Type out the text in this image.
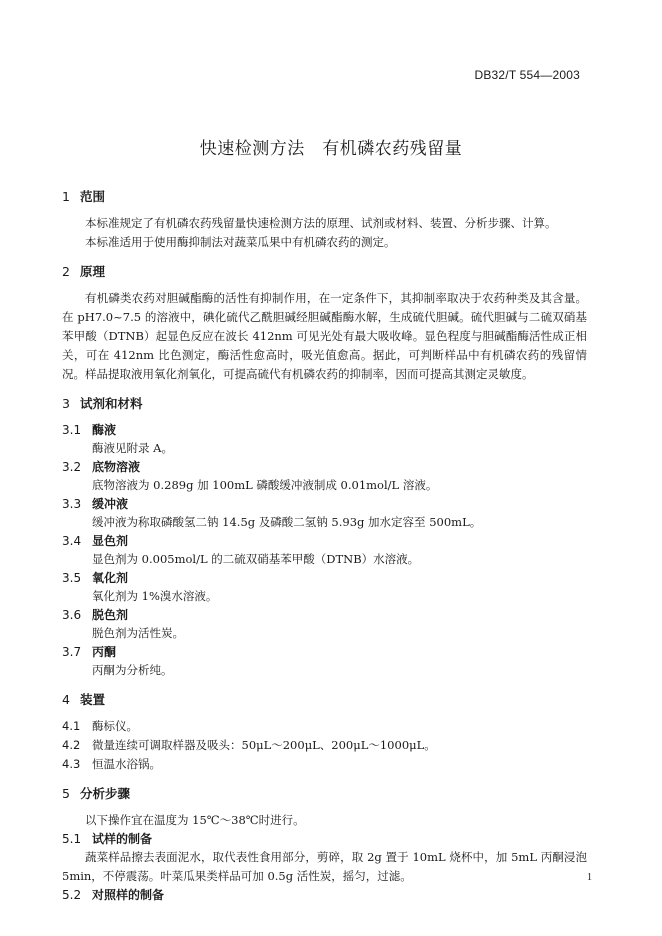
DB32/T 554—2003
快速检测方法　有机磷农药残留量
1 范围

本标准规定了有机磷农药残留量快速检测方法的原理、试剂或材料、装置、分析步骤、计算。

本标准适用于使用酶抑制法对蔬菜瓜果中有机磷农药的测定。

2 原理

有机磷类农药对胆碱酯酶的活性有抑制作用，在一定条件下，其抑制率取决于农药种类及其含量。在 pH7.0~7.5 的溶液中，碘化硫代乙酰胆碱经胆碱酯酶水解，生成硫代胆碱。硫代胆碱与二硫双硝基苯甲酸（DTNB）起显色反应在波长 412nm 可见光处有最大吸收峰。显色程度与胆碱酯酶活性成正相关，可在 412nm 比色测定，酶活性愈高时，吸光值愈高。据此，可判断样品中有机磷农药的残留情况。样品提取液用氧化剂氧化，可提高硫代有机磷农药的抑制率，因而可提高其测定灵敏度。

3 试剂和材料
3.1 酶液
酶液见附录 A。
3.2 底物溶液
底物溶液为 0.289g 加 100mL 磷酸缓冲液制成 0.01mol/L 溶液。
3.3 缓冲液
缓冲液为称取磷酸氢二钠 14.5g 及磷酸二氢钠 5.93g 加水定容至 500mL。
3.4 显色剂
显色剂为 0.005mol/L 的二硫双硝基苯甲酸（DTNB）水溶液。
3.5 氧化剂
氧化剂为 1%溴水溶液。
3.6 脱色剂
脱色剂为活性炭。
3.7 丙酮
丙酮为分析纯。
4 装置
4.1 酶标仪。
4.2 微量连续可调取样器及吸头：50μL～200μL、200μL～1000μL。
4.3 恒温水浴锅。
5 分析步骤

以下操作宜在温度为 15℃～38℃时进行。

5.1 试样的制备

蔬菜样品擦去表面泥水，取代表性食用部分，剪碎，取 2g 置于 10mL 烧杯中，加 5mL 丙酮浸泡 5min，不停震荡。叶菜瓜果类样品可加 0.5g 活性炭，摇匀，过滤。

5.2 对照样的制备
1
